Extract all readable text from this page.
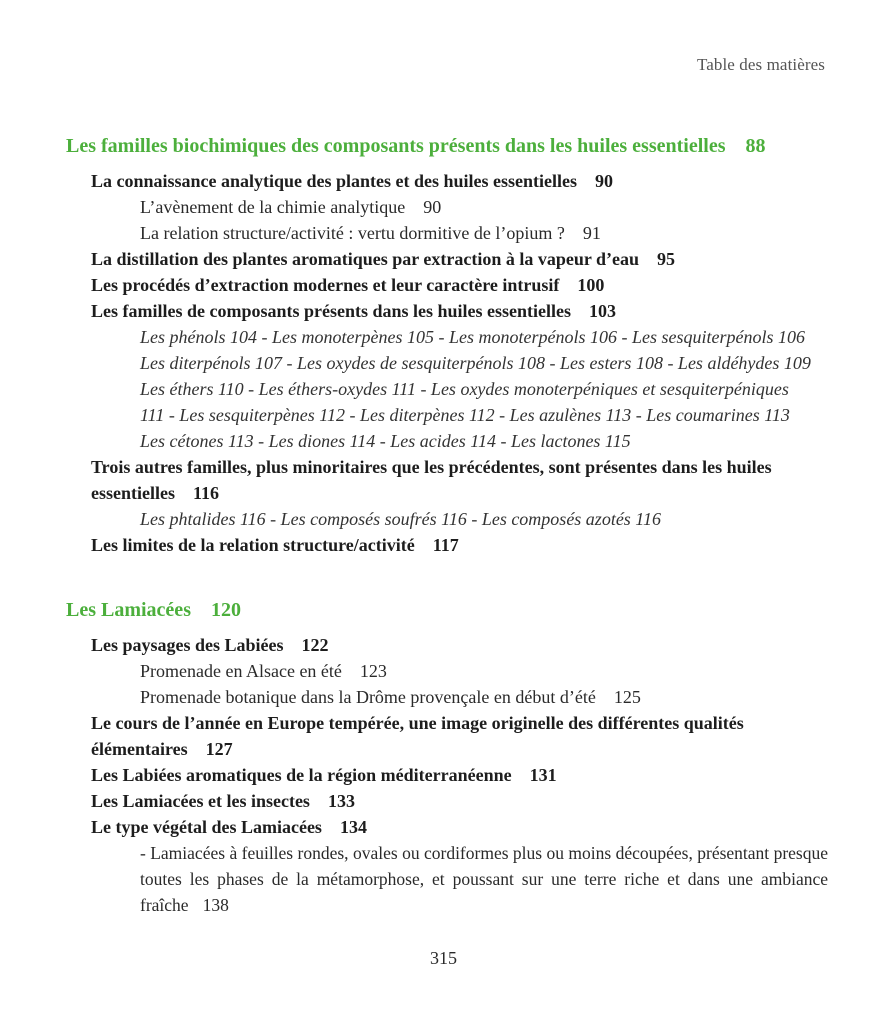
Table des matières
Les familles biochimiques des composants présents dans les huiles essentielles 88
La connaissance analytique des plantes et des huiles essentielles 90
L’avènement de la chimie analytique 90
La relation structure/activité : vertu dormitive de l’opium ? 91
La distillation des plantes aromatiques par extraction à la vapeur d’eau 95
Les procédés d’extraction modernes et leur caractère intrusif 100
Les familles de composants présents dans les huiles essentielles 103
Les phénols 104 - Les monoterpènes 105 - Les monoterpénols 106 - Les sesquiterpénols 106
Les diterpénols 107 - Les oxydes de sesquiterpénols 108 - Les esters 108 - Les aldéhydes 109
Les éthers 110 - Les éthers-oxydes 111 - Les oxydes monoterpéniques et sesquiterpéniques
111 - Les sesquiterpènes 112 - Les diterpènes 112 - Les azulènes 113 - Les coumarines 113
Les cétones 113 - Les diones 114 - Les acides 114 - Les lactones 115
Trois autres familles, plus minoritaires que les précédentes, sont présentes dans les huiles essentielles 116
Les phtalides 116 - Les composés soufrés 116 - Les composés azotés 116
Les limites de la relation structure/activité 117
Les Lamiacées 120
Les paysages des Labiées 122
Promenade en Alsace en été 123
Promenade botanique dans la Drôme provençale en début d’été 125
Le cours de l’année en Europe tempérée, une image originelle des différentes qualités élémentaires 127
Les Labiées aromatiques de la région méditerranéenne 131
Les Lamiacées et les insectes 133
Le type végétal des Lamiacées 134
- Lamiacées à feuilles rondes, ovales ou cordiformes plus ou moins découpées, présentant presque toutes les phases de la métamorphose, et poussant sur une terre riche et dans une ambiance fraîche 138
315
